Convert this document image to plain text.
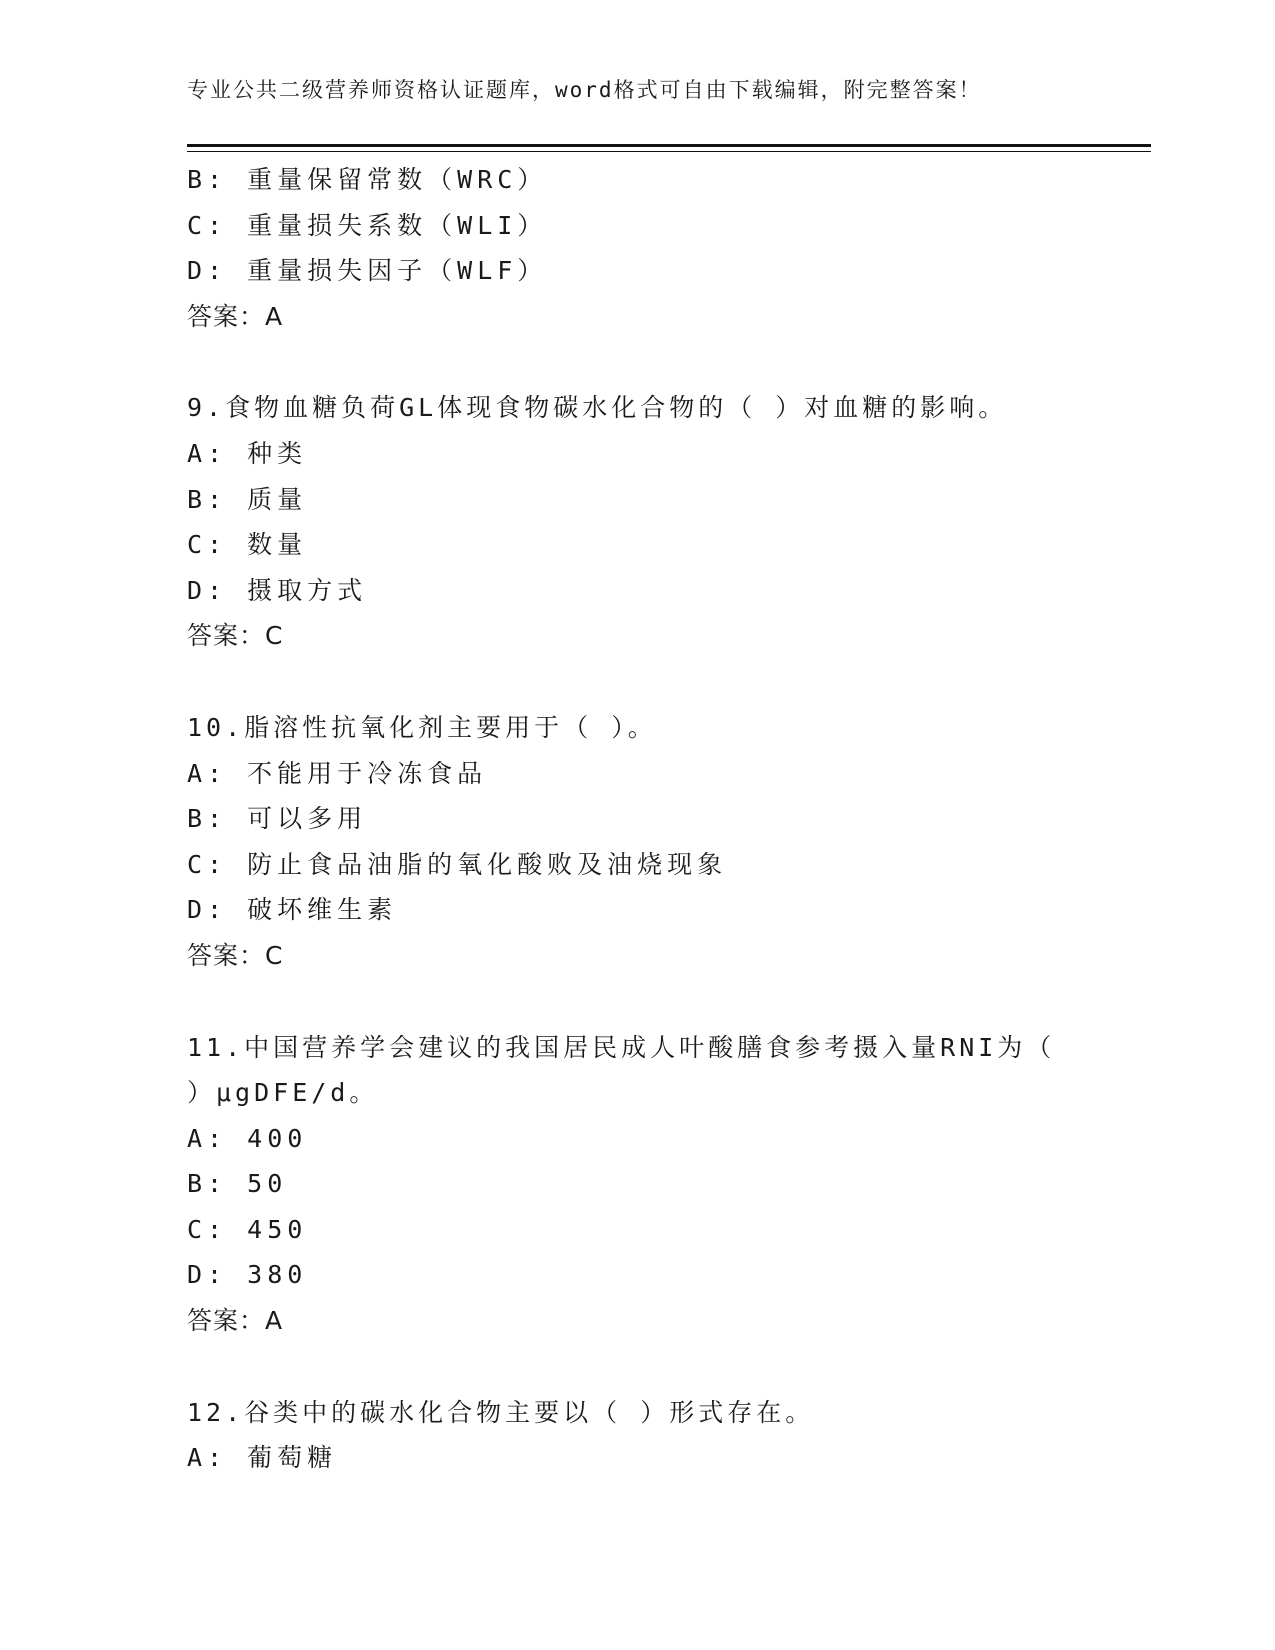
专业公共二级营养师资格认证题库，word格式可自由下载编辑，附完整答案！
B: 重量保留常数（WRC）
C: 重量损失系数（WLI）
D: 重量损失因子（WLF）
答案：A
9.食物血糖负荷GL体现食物碳水化合物的（ ）对血糖的影响。
A: 种类
B: 质量
C: 数量
D: 摄取方式
答案：C
10.脂溶性抗氧化剂主要用于（ ）。
A: 不能用于冷冻食品
B: 可以多用
C: 防止食品油脂的氧化酸败及油烧现象
D: 破坏维生素
答案：C
11.中国营养学会建议的我国居民成人叶酸膳食参考摄入量RNI为（
）μgDFE/d。
A: 400
B: 50
C: 450
D: 380
答案：A
12.谷类中的碳水化合物主要以（ ）形式存在。
A: 葡萄糖
